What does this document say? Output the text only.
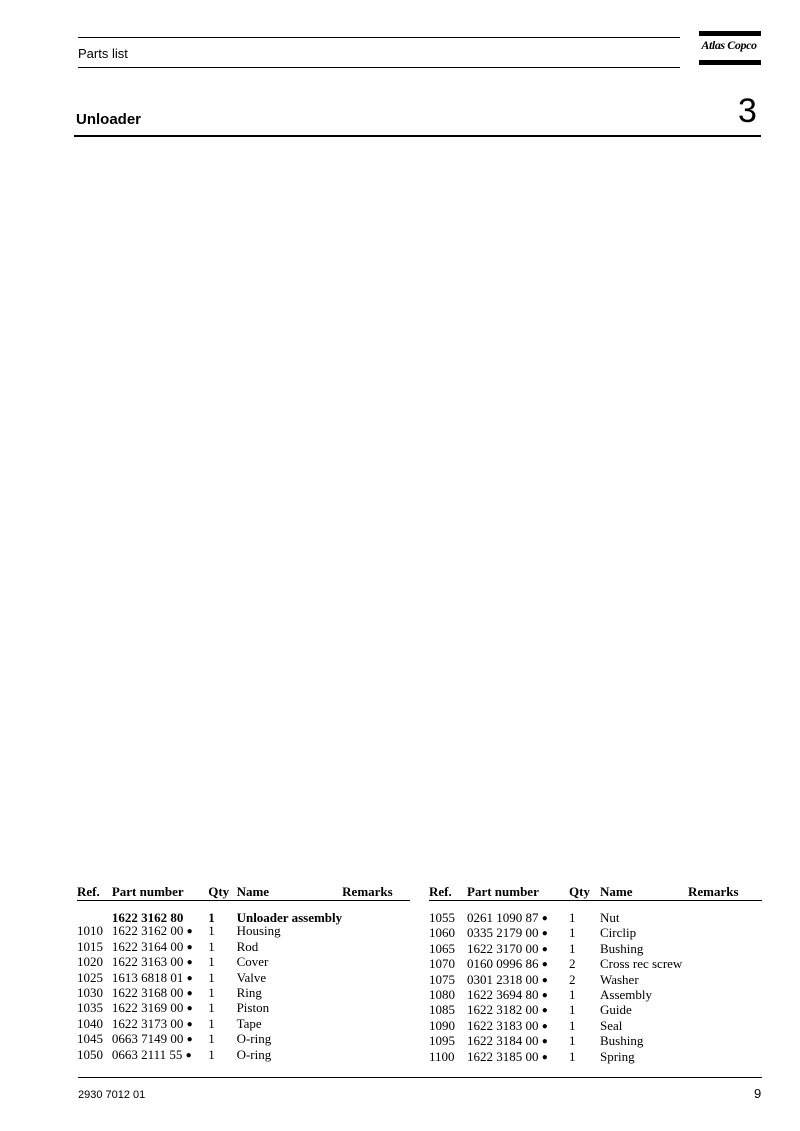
Parts list
Atlas Copco
Unloader	3
Ref.	Part number	Qty	Name	Remarks

	1622 3162 80	1	Unloader assembly	
1010	1622 3162 00 ●	1	Housing	
1015	1622 3164 00 ●	1	Rod	
1020	1622 3163 00 ●	1	Cover	
1025	1613 6818 01 ●	1	Valve	
1030	1622 3168 00 ●	1	Ring	
1035	1622 3169 00 ●	1	Piston	
1040	1622 3173 00 ●	1	Tape	
1045	0663 7149 00 ●	1	O-ring	
1050	0663 2111 55 ●	1	O-ring	
Ref.	Part number	Qty	Name	Remarks

1055	0261 1090 87 ●	1	Nut	
1060	0335 2179 00 ●	1	Circlip	
1065	1622 3170 00 ●	1	Bushing	
1070	0160 0996 86 ●	2	Cross rec screw	
1075	0301 2318 00 ●	2	Washer	
1080	1622 3694 80 ●	1	Assembly	
1085	1622 3182 00 ●	1	Guide	
1090	1622 3183 00 ●	1	Seal	
1095	1622 3184 00 ●	1	Bushing	
1100	1622 3185 00 ●	1	Spring	
2930 7012 01	9
